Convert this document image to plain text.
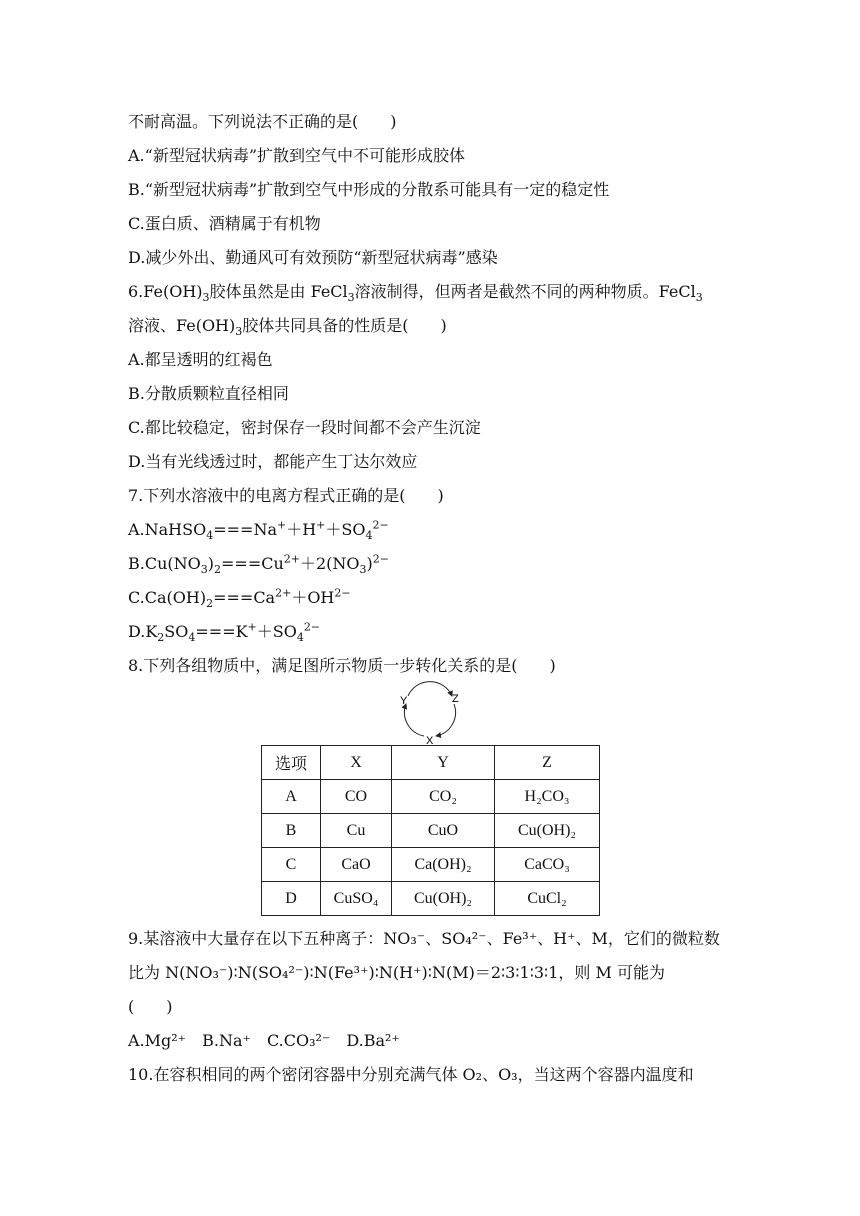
不耐高温。下列说法不正确的是(　　)
A.“新型冠状病毒”扩散到空气中不可能形成胶体
B.“新型冠状病毒”扩散到空气中形成的分散系可能具有一定的稳定性
C.蛋白质、酒精属于有机物
D.减少外出、勤通风可有效预防“新型冠状病毒”感染
$6.Fe(OH)_3$胶体虽然是由 FeCl$_3$溶液制得，但两者是截然不同的两种物质。FeCl$_3$
溶液、$Fe(OH)_3$胶体共同具备的性质是(　　)
A.都呈透明的红褐色
B.分散质颗粒直径相同
C.都比较稳定，密封保存一段时间都不会产生沉淀
D.当有光线透过时，都能产生丁达尔效应
7.下列水溶液中的电离方程式正确的是(　　)
$A.NaHSO_4===Na^++H^++SO_4^{2-}$
$B.Cu(NO_3)_2===Cu^{2+}+2(NO_3)^{2-}$
$C.Ca(OH)_2===Ca^{2+}+OH^{2-}$
$D.K_2SO_4===K^++SO_4^{2-}$
8.下列各组物质中，满足图所示物质一步转化关系的是(　　)
Y	Z
X
选项	X	Y	Z
A	CO	CO₂	H₂CO₃
B	Cu	CuO	Cu(OH)₂
C	CaO	Ca(OH)₂	CaCO₃
D	CuSO₄	Cu(OH)₂	CuCl₂
9.某溶液中大量存在以下五种离子：NO₃⁻、SO₄²⁻、Fe³⁺、H⁺、M，它们的微粒数
比为 N(NO₃⁻)∶N(SO₄²⁻)∶N(Fe³⁺)∶N(H⁺)∶N(M)＝2∶3∶1∶3∶1，则 M 可能为
(　　)
A.Mg²⁺　B.Na⁺　C.CO₃²⁻　D.Ba²⁺
10.在容积相同的两个密闭容器中分别充满气体 O₂、O₃，当这两个容器内温度和
